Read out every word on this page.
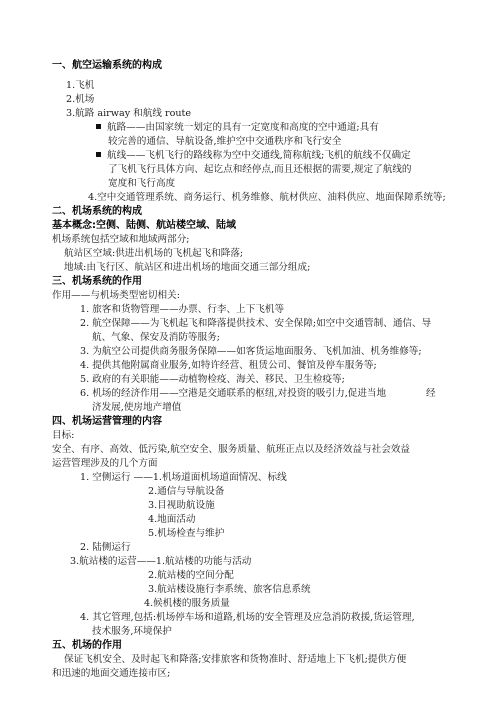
一、航空运输系统的构成
1.飞机
2.机场
3.航路 airway 和航线 route
航路——由国家统一划定的具有一定宽度和高度的空中通道;具有
较完善的通信、导航设备,维护空中交通秩序和飞行安全
航线——飞机飞行的路线称为空中交通线,简称航线;飞机的航线不仅确定
了飞机飞行具体方向、起讫点和经停点,而且还根据的需要,规定了航线的
宽度和飞行高度
4.空中交通管理系统、商务运行、机务维修、航材供应、油料供应、地面保障系统等;
二、机场系统的构成
基本概念:空侧、陆侧、航站楼空域、陆域
机场系统包括空域和地域两部分;
航站区空域:供进出机场的飞机起飞和降落;
地域:由飞行区、航站区和进出机场的地面交通三部分组成;
三、机场系统的作用
作用——与机场类型密切相关:
1. 旅客和货物管理——办票、行李、上下飞机等
2. 航空保障——为飞机起飞和降落提供技术、安全保障;如空中交通管制、通信、导
航、气象、保安及消防等服务;
3. 为航空公司提供商务服务保障——如客货运地面服务、飞机加油、机务维修等;
4. 提供其他附属商业服务,如特许经营、租赁公司、餐馆及停车服务等;
5. 政府的有关职能——动植物检疫、海关、移民、卫生检疫等;
6. 机场的经济作用——空港是交通联系的枢纽,对投资的吸引力,促进当地	经
济发展,使房地产增值
四、机场运营管理的内容
目标:
安全、有序、高效、低污染,航空安全、服务质量、航班正点以及经济效益与社会效益
运营管理涉及的几个方面
1. 空侧运行 ——1.机场道面机场道面情况、标线
2.通信与导航设备
3.目视助航设施
4.地面活动
5.机场检查与维护
2. 陆侧运行
3.航站楼的运营——1.航站楼的功能与活动
2.航站楼的空间分配
3.航站楼设施行李系统、旅客信息系统
4.候机楼的服务质量
4. 其它管理,包括:机场停车场和道路,机场的安全管理及应急消防救援,货运管理,
技术服务,环境保护
五、机场的作用
保证飞机安全、及时起飞和降落;安排旅客和货物准时、舒适地上下飞机;提供方便
和迅速的地面交通连接市区;
